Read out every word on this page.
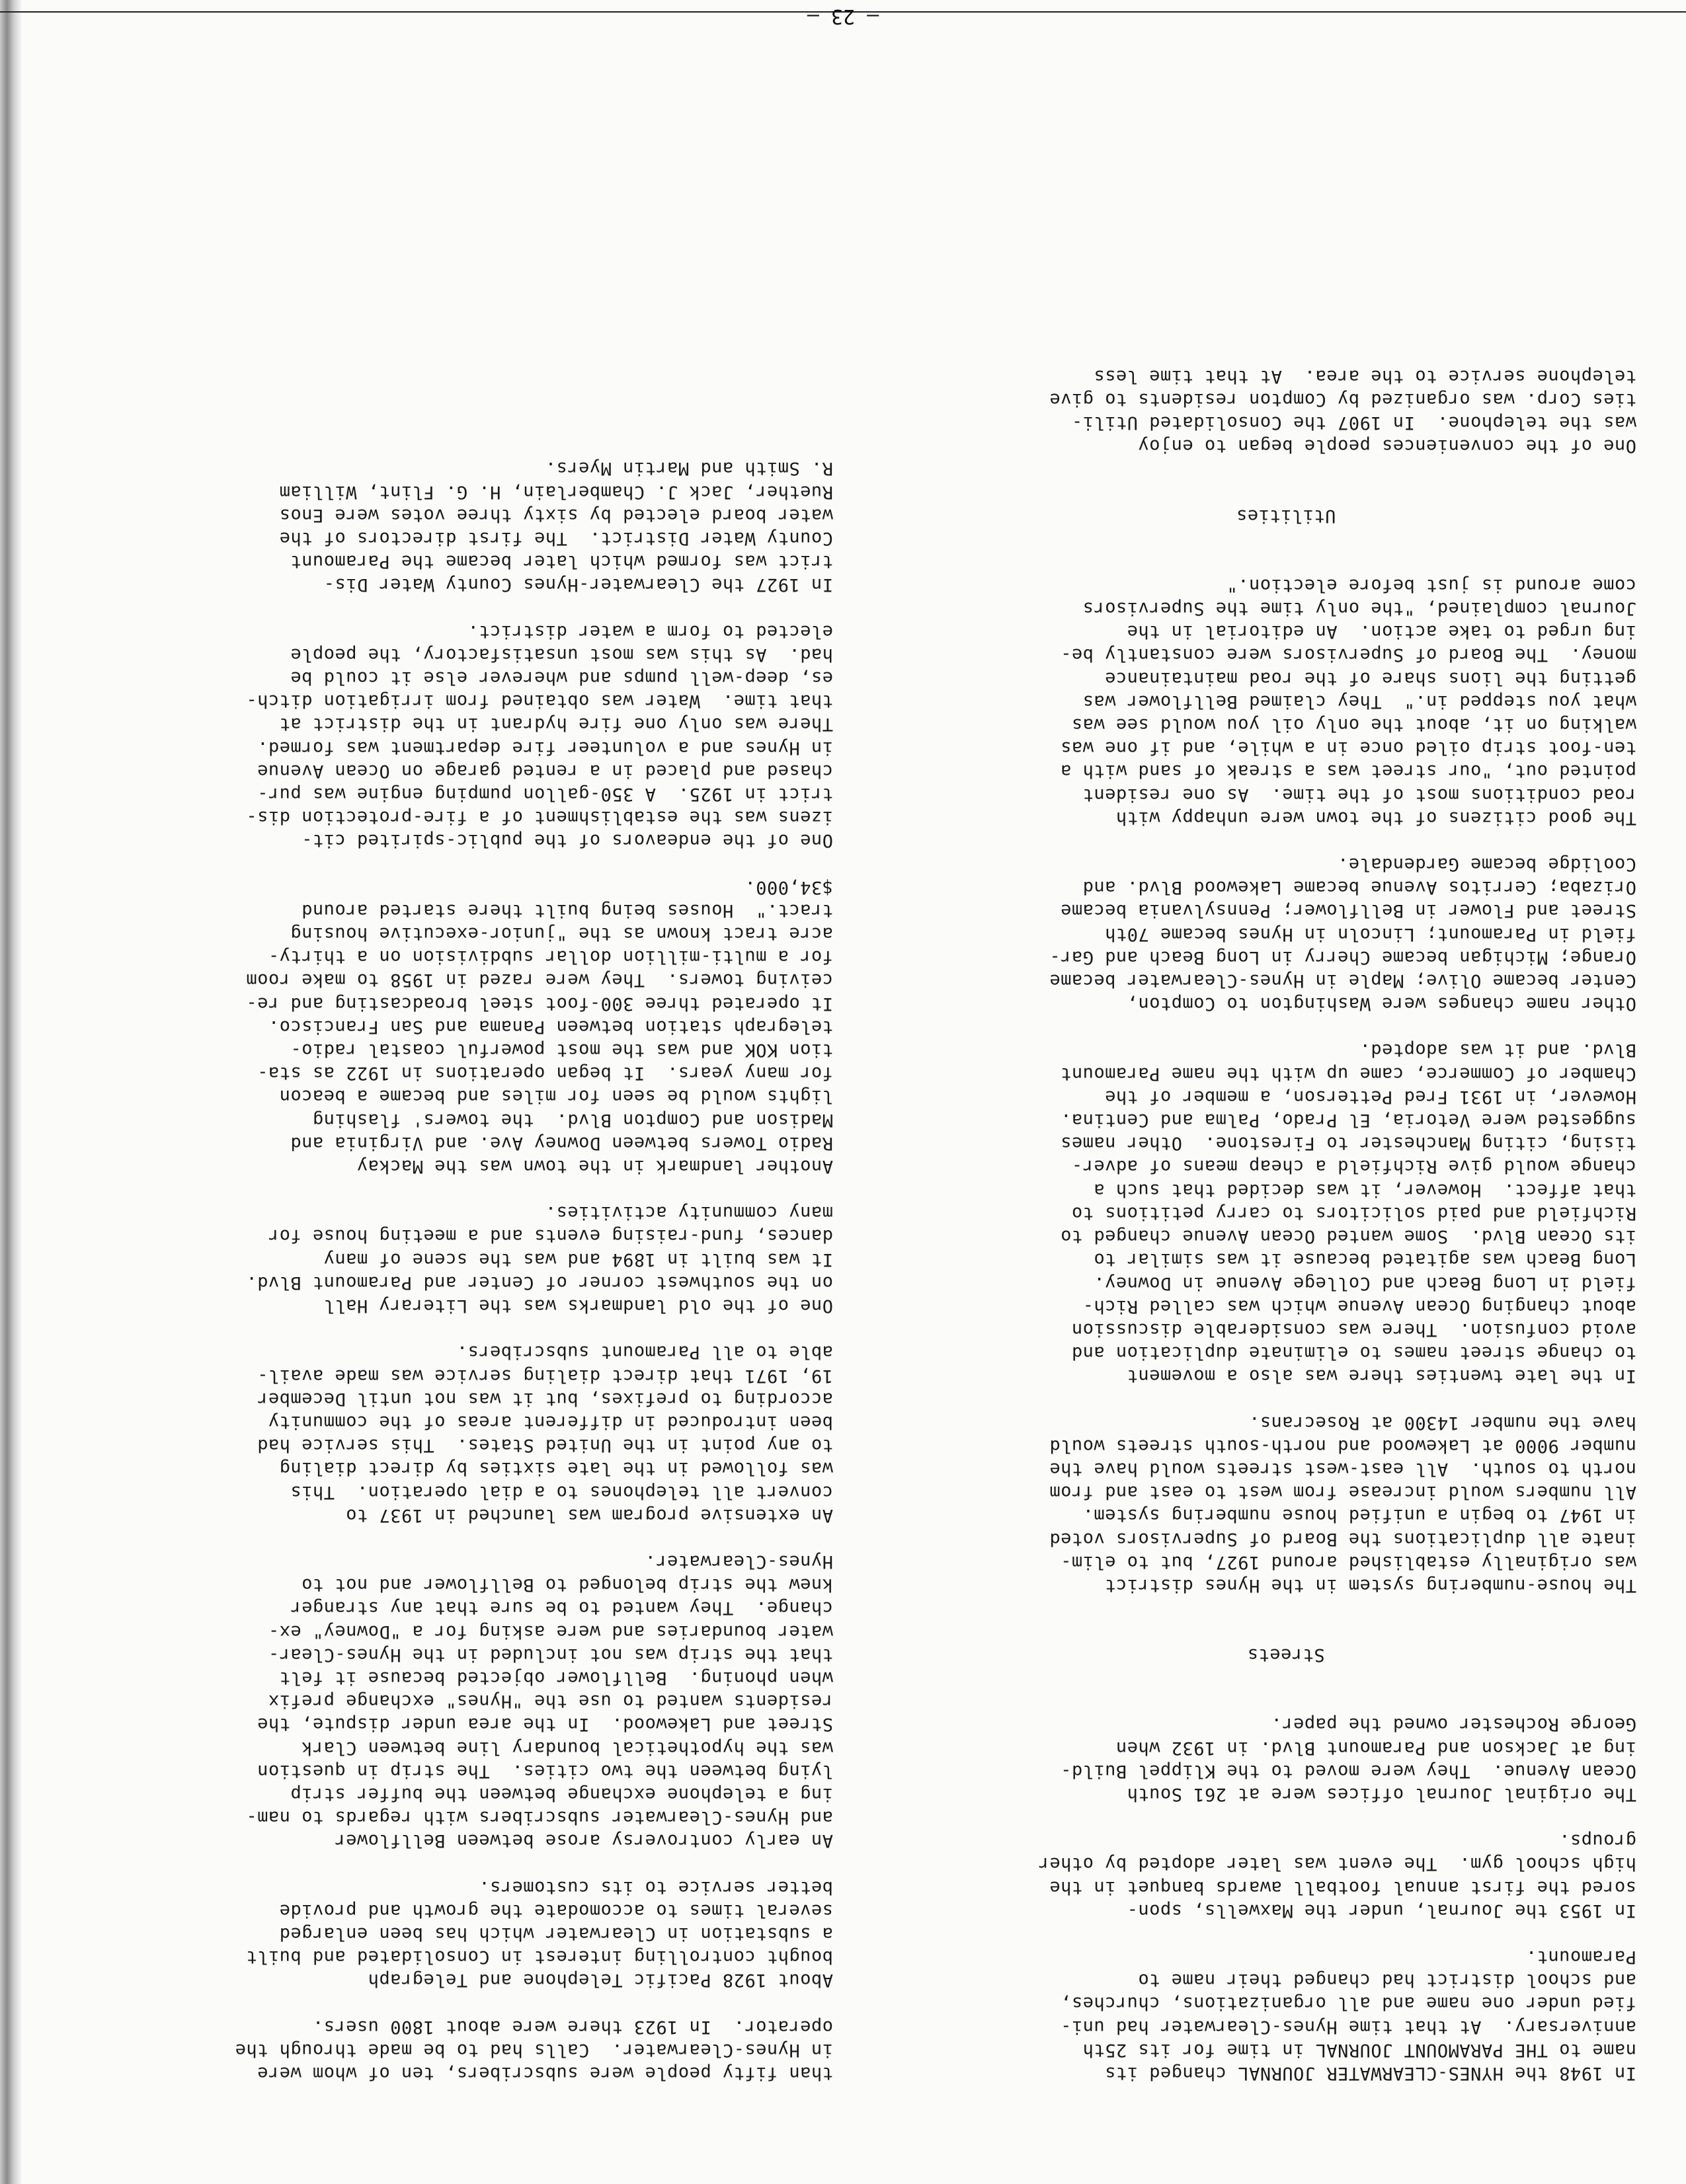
In 1948 the HYNES-CLEARWATER JOURNAL changed its
name to THE PARAMOUNT JOURNAL in time for its 25th
anniversary.  At that time Hynes-Clearwater had uni-
fied under one name and all organizations, churches,
and school district had changed their name to
Paramount.

In 1953 the Journal, under the Maxwells, spon-
sored the first annual football awards banquet in the
high school gym.  The event was later adopted by other
groups.

The original Journal offices were at 261 South
Ocean Avenue.  They were moved to the Klippel Build-
ing at Jackson and Paramount Blvd. in 1932 when
George Rochester owned the paper.

Streets

The house-numbering system in the Hynes district
was originally established around 1927, but to elim-
inate all duplications the Board of Supervisors voted
in 1947 to begin a unified house numbering system.
All numbers would increase from west to east and from
north to south.  All east-west streets would have the
number 9000 at Lakewood and north-south streets would
have the number 14300 at Rosecrans.

In the late twenties there was also a movement
to change street names to eliminate duplication and
avoid confusion.  There was considerable discussion
about changing Ocean Avenue which was called Rich-
field in Long Beach and College Avenue in Downey.
Long Beach was agitated because it was similar to
its Ocean Blvd.  Some wanted Ocean Avenue changed to
Richfield and paid solicitors to carry petitions to
that affect.  However, it was decided that such a
change would give Richfield a cheap means of adver-
tising, citing Manchester to Firestone.  Other names
suggested were Vetoria, El Prado, Palma and Centina.
However, in 1931 Fred Petterson, a member of the
Chamber of Commerce, came up with the name Paramount
Blvd. and it was adopted.

Other name changes were Washington to Compton,
Center became Olive; Maple in Hynes-Clearwater became
Orange; Michigan became Cherry in Long Beach and Gar-
field in Paramount; Lincoln in Hynes became 70th
Street and Flower in Bellflower; Pennsylvania became
Orizaba; Cerritos Avenue became Lakewood Blvd. and
Coolidge became Gardendale.

The good citizens of the town were unhappy with
road conditions most of the time.  As one resident
pointed out, "our street was a streak of sand with a
ten-foot strip oiled once in a while, and if one was
walking on it, about the only oil you would see was
what you stepped in."  They claimed Bellflower was
getting the lions share of the road maintainance
money.  The Board of Supervisors were constantly be-
ing urged to take action.  An editorial in the
Journal complained, "the only time the Supervisors
come around is just before election."

Utilities

One of the conveniences people began to enjoy
was the telephone.  In 1907 the Consolidated Utili-
ties Corp. was organized by Compton residents to give
telephone service to the area.  At that time less

than fifty people were subscribers, ten of whom were
in Hynes-Clearwater.  Calls had to be made through the
operator.  In 1923 there were about 1800 users.

About 1928 Pacific Telephone and Telegraph
bought controlling interest in Consolidated and built
a substation in Clearwater which has been enlarged
several times to accomodate the growth and provide
better service to its customers.

An early controversy arose between Bellflower
and Hynes-Clearwater subscribers with regards to nam-
ing a telephone exchange between the buffer strip
lying between the two cities.  The strip in question
was the hypothetical boundary line between Clark
Street and Lakewood.  In the area under dispute, the
residents wanted to use the "Hynes" exchange prefix
when phoning.  Bellflower objected because it felt
that the strip was not included in the Hynes-Clear-
water boundaries and were asking for a "Downey" ex-
change.  They wanted to be sure that any stranger
knew the strip belonged to Bellflower and not to
Hynes-Clearwater.

An extensive program was launched in 1937 to
convert all telephones to a dial operation.  This
was followed in the late sixties by direct dialing
to any point in the United States.  This service had
been introduced in different areas of the community
according to prefixes, but it was not until December
19, 1971 that direct dialing service was made avail-
able to all Paramount subscribers.

One of the old landmarks was the Literary Hall
on the southwest corner of Center and Paramount Blvd.
It was built in 1894 and was the scene of many
dances, fund-raising events and a meeting house for
many community activities.

Another landmark in the town was the Mackay
Radio Towers between Downey Ave. and Virginia and
Madison and Compton Blvd.  the towers' flashing
lights would be seen for miles and became a beacon
for many years.  It began operations in 1922 as sta-
tion KOK and was the most powerful coastal radio-
telegraph station between Panama and San Francisco.
It operated three 300-foot steel broadcasting and re-
ceiving towers.  They were razed in 1958 to make room
for a multi-million dollar subdivision on a thirty-
acre tract known as the "junior-executive housing
tract."  Houses being built there started around
$34,000.

One of the endeavors of the public-spirited cit-
izens was the establishment of a fire-protection dis-
trict in 1925.  A 350-gallon pumping engine was pur-
chased and placed in a rented garage on Ocean Avenue
in Hynes and a volunteer fire department was formed.
There was only one fire hydrant in the district at
that time.  Water was obtained from irrigation ditch-
es, deep-well pumps and wherever else it could be
had.  As this was most unsatisfactory, the people
elected to form a water district.

In 1927 the Clearwater-Hynes County Water Dis-
trict was formed which later became the Paramount
County Water District.  The first directors of the
water board elected by sixty three votes were Enos
Ruether, Jack J. Chamberlain, H. G. Flint, William
R. Smith and Martin Myers.

— 23 —
